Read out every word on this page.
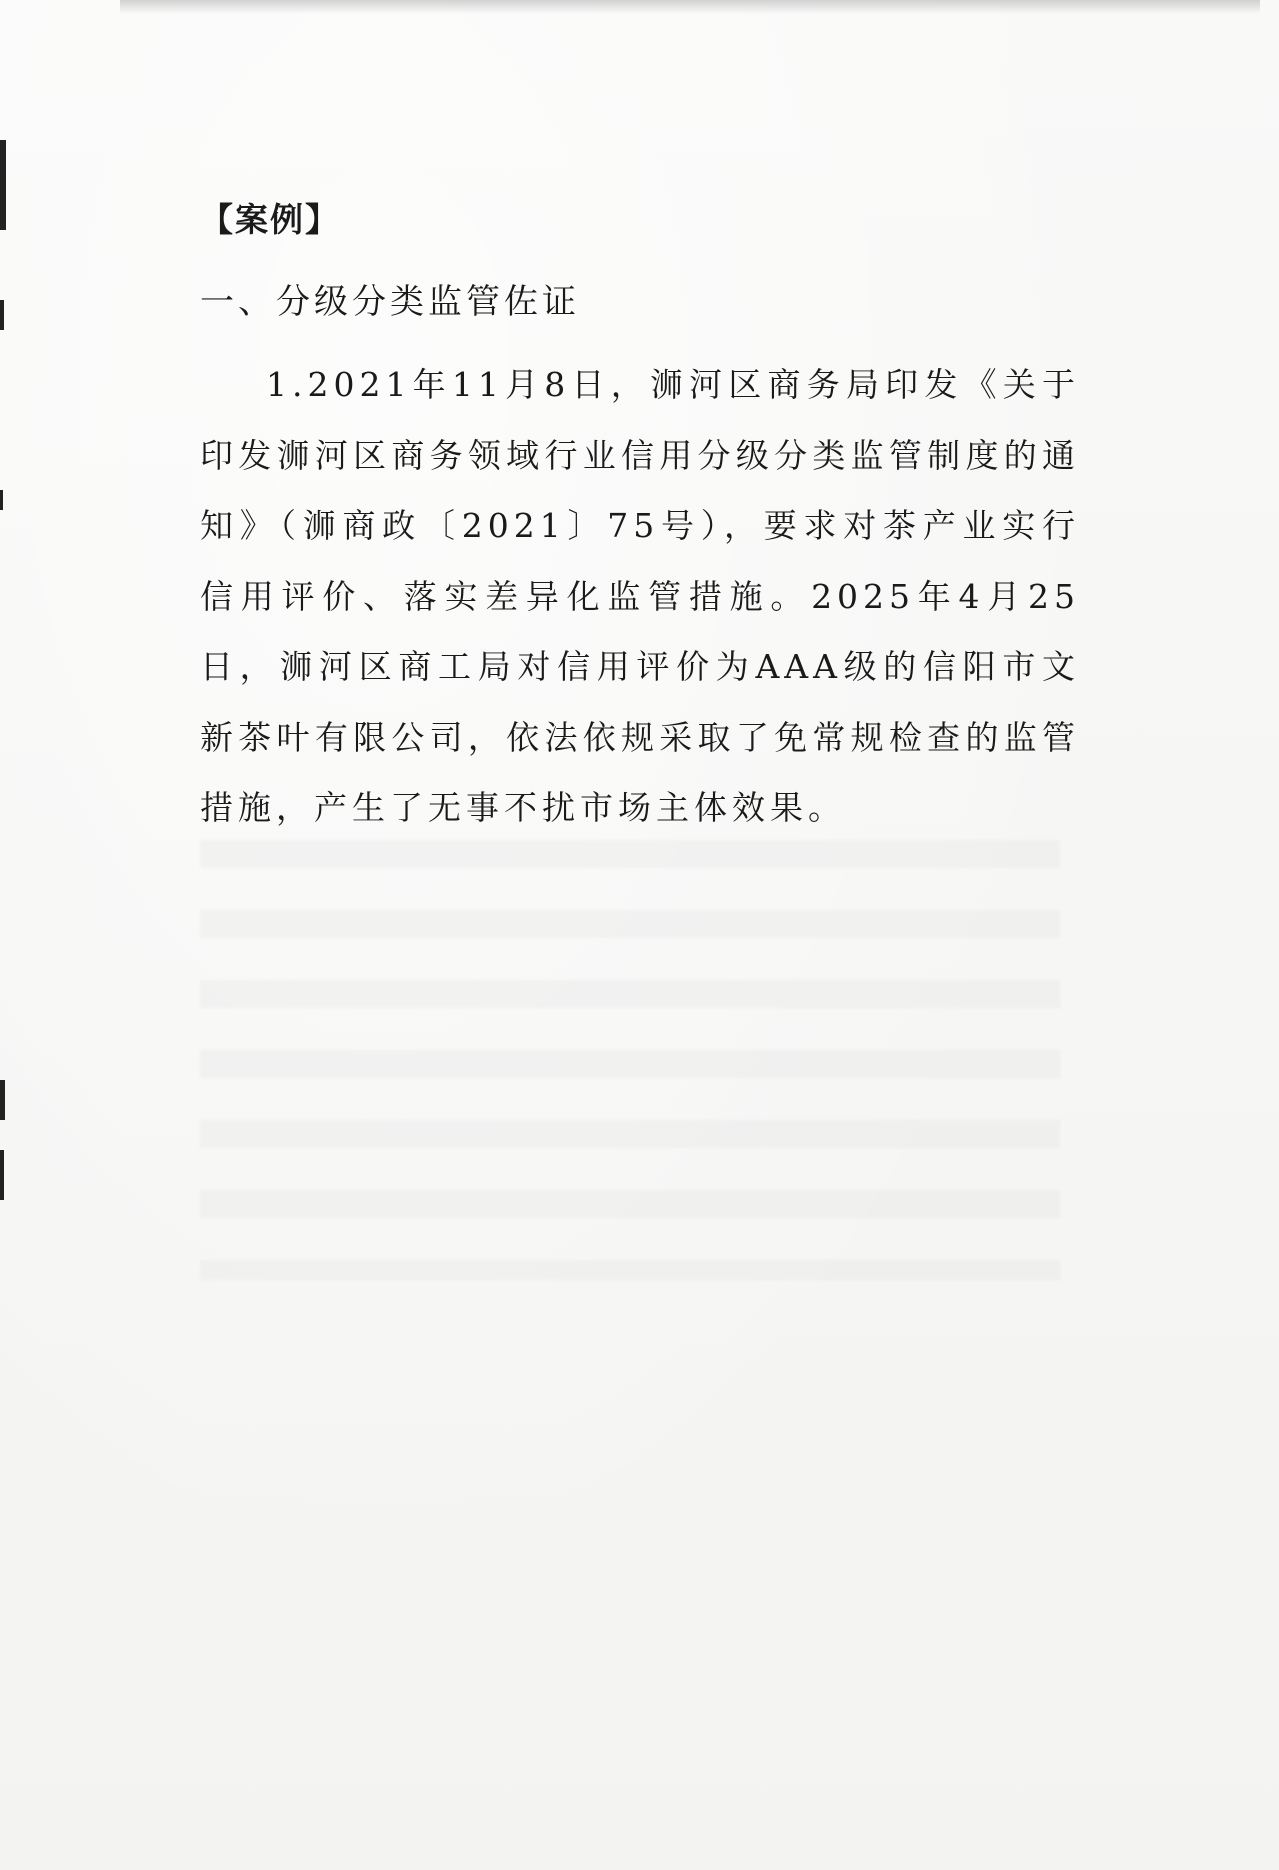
【案例】
一、分级分类监管佐证

1.2021年11月8日，浉河区商务局印发《关于印发浉河区商务领域行业信用分级分类监管制度的通知》（浉商政〔2021〕75号），要求对茶产业实行信用评价、落实差异化监管措施。2025年4月25日，浉河区商工局对信用评价为AAA级的信阳市文新茶叶有限公司，依法依规采取了免常规检查的监管措施，产生了无事不扰市场主体效果。
